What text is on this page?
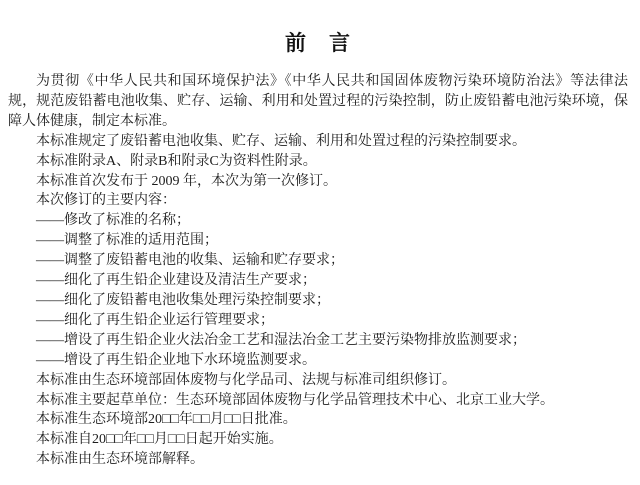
前　言

为贯彻《中华人民共和国环境保护法》《中华人民共和国固体废物污染环境防治法》等法律法规，规范废铅蓄电池收集、贮存、运输、利用和处置过程的污染控制，防止废铅蓄电池污染环境，保障人体健康，制定本标准。

本标准规定了废铅蓄电池收集、贮存、运输、利用和处置过程的污染控制要求。

本标准附录A、附录B和附录C为资料性附录。

本标准首次发布于 2009 年，本次为第一次修订。

本次修订的主要内容：

——修改了标准的名称；

——调整了标准的适用范围；

——调整了废铅蓄电池的收集、运输和贮存要求；

——细化了再生铅企业建设及清洁生产要求；

——细化了废铅蓄电池收集处理污染控制要求；

——细化了再生铅企业运行管理要求；

——增设了再生铅企业火法冶金工艺和湿法冶金工艺主要污染物排放监测要求；

——增设了再生铅企业地下水环境监测要求。

本标准由生态环境部固体废物与化学品司、法规与标准司组织修订。

本标准主要起草单位：生态环境部固体废物与化学品管理技术中心、北京工业大学。

本标准生态环境部20□□年□□月□□日批准。

本标准自20□□年□□月□□日起开始实施。

本标准由生态环境部解释。
